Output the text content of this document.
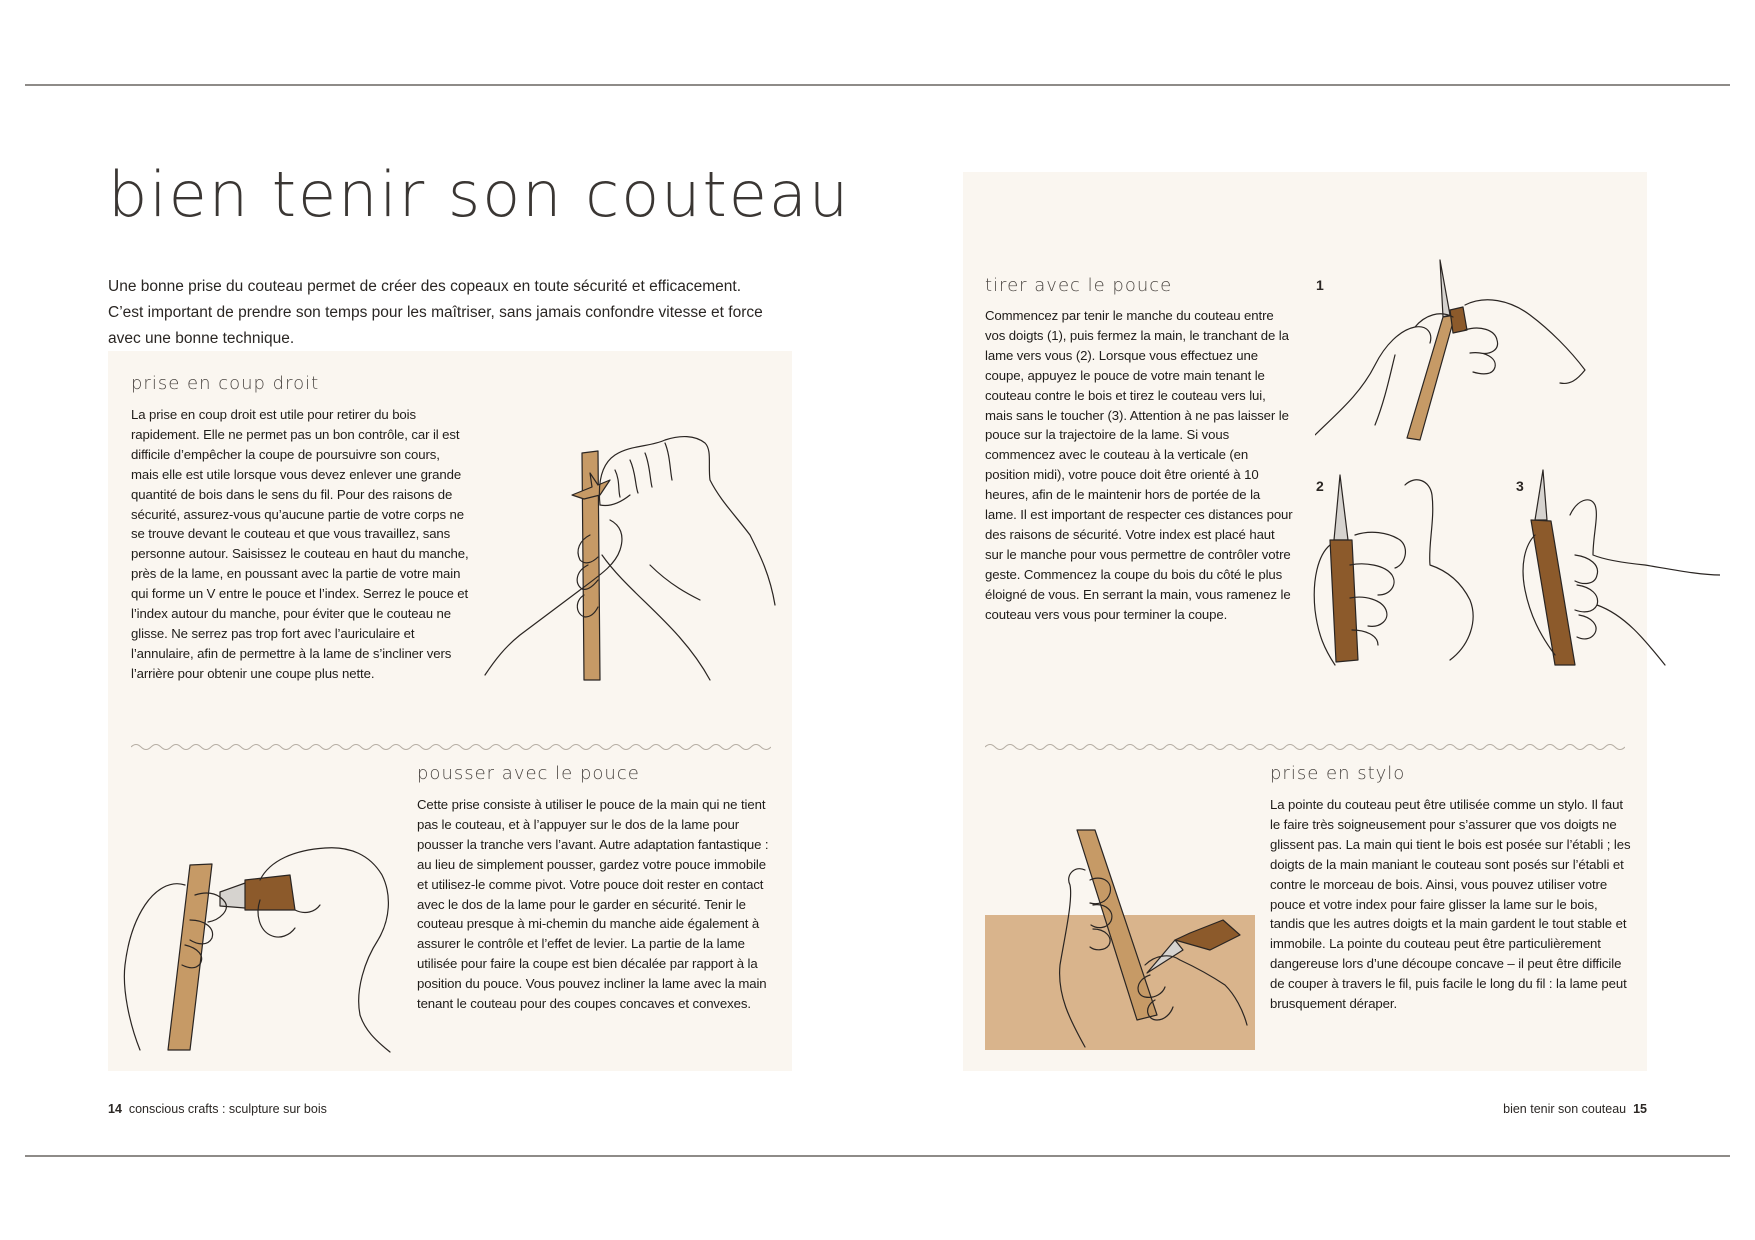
bien tenir son couteau

Une bonne prise du couteau permet de créer des copeaux en toute sécurité et efficacement. C’est important de prendre son temps pour les maîtriser, sans jamais confondre vitesse et force avec une bonne technique.

prise en coup droit

La prise en coup droit est utile pour retirer du bois rapidement. Elle ne permet pas un bon contrôle, car il est difficile d’empêcher la coupe de poursuivre son cours, mais elle est utile lorsque vous devez enlever une grande quantité de bois dans le sens du fil. Pour des raisons de sécurité, assurez-vous qu’aucune partie de votre corps ne se trouve devant le couteau et que vous travaillez, sans personne autour. Saisissez le couteau en haut du manche, près de la lame, en poussant avec la partie de votre main qui forme un V entre le pouce et l’index. Serrez le pouce et l’index autour du manche, pour éviter que le couteau ne glisse. Ne serrez pas trop fort avec l’auriculaire et l’annulaire, afin de permettre à la lame de s’incliner vers l’arrière pour obtenir une coupe plus nette.

pousser avec le pouce

Cette prise consiste à utiliser le pouce de la main qui ne tient pas le couteau, et à l’appuyer sur le dos de la lame pour pousser la tranche vers l’avant. Autre adaptation fantastique : au lieu de simplement pousser, gardez votre pouce immobile et utilisez-le comme pivot. Votre pouce doit rester en contact avec le dos de la lame pour le garder en sécurité. Tenir le couteau presque à mi-chemin du manche aide également à assurer le contrôle et l’effet de levier. La partie de la lame utilisée pour faire la coupe est bien décalée par rapport à la position du pouce. Vous pouvez incliner la lame avec la main tenant le couteau pour des coupes concaves et convexes.

tirer avec le pouce

Commencez par tenir le manche du couteau entre vos doigts (1), puis fermez la main, le tranchant de la lame vers vous (2). Lorsque vous effectuez une coupe, appuyez le pouce de votre main tenant le couteau contre le bois et tirez le couteau vers lui, mais sans le toucher (3). Attention à ne pas laisser le pouce sur la trajectoire de la lame. Si vous commencez avec le couteau à la verticale (en position midi), votre pouce doit être orienté à 10 heures, afin de le maintenir hors de portée de la lame. Il est important de respecter ces distances pour des raisons de sécurité. Votre index est placé haut sur le manche pour vous permettre de contrôler votre geste. Commencez la coupe du bois du côté le plus éloigné de vous. En serrant la main, vous ramenez le couteau vers vous pour terminer la coupe.

1
2	3
prise en stylo

La pointe du couteau peut être utilisée comme un stylo. Il faut le faire très soigneusement pour s’assurer que vos doigts ne glissent pas. La main qui tient le bois est posée sur l’établi ; les doigts de la main maniant le couteau sont posés sur l’établi et contre le morceau de bois. Ainsi, vous pouvez utiliser votre pouce et votre index pour faire glisser la lame sur le bois, tandis que les autres doigts et la main gardent le tout stable et immobile. La pointe du couteau peut être particulièrement dangereuse lors d’une découpe concave – il peut être difficile de couper à travers le fil, puis facile le long du fil : la lame peut brusquement déraper.

14 conscious crafts : sculpture sur bois	bien tenir son couteau 15
